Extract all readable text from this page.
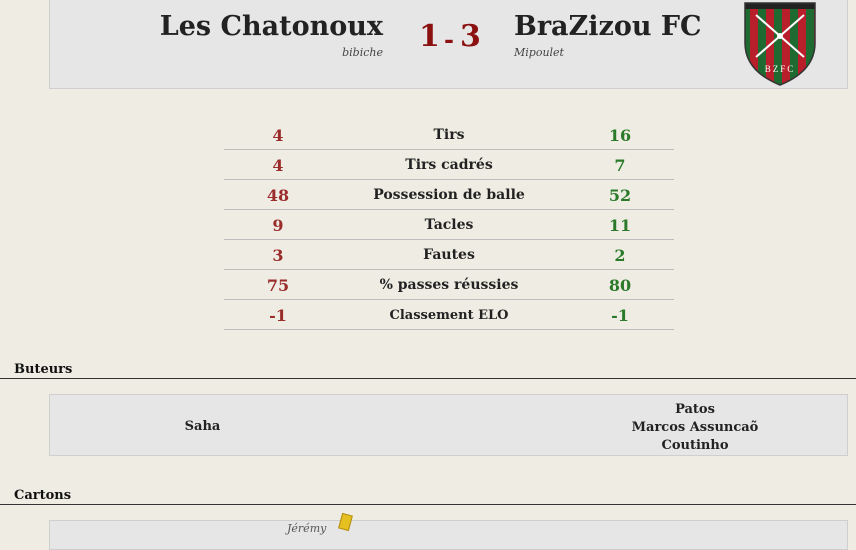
Les Chatonoux
bibiche 1 - 3 BraZizou FC
Mipoulet
BZFC
4	Tirs	16
4	Tirs cadrés	7
48	Possession de balle	52
9	Tacles	11
3	Fautes	2
75	% passes réussies	80
-1	Classement ELO	-1
Buteurs
Saha
Patos
Marcos Assuncaõ
Coutinho
Cartons
Jérémy
